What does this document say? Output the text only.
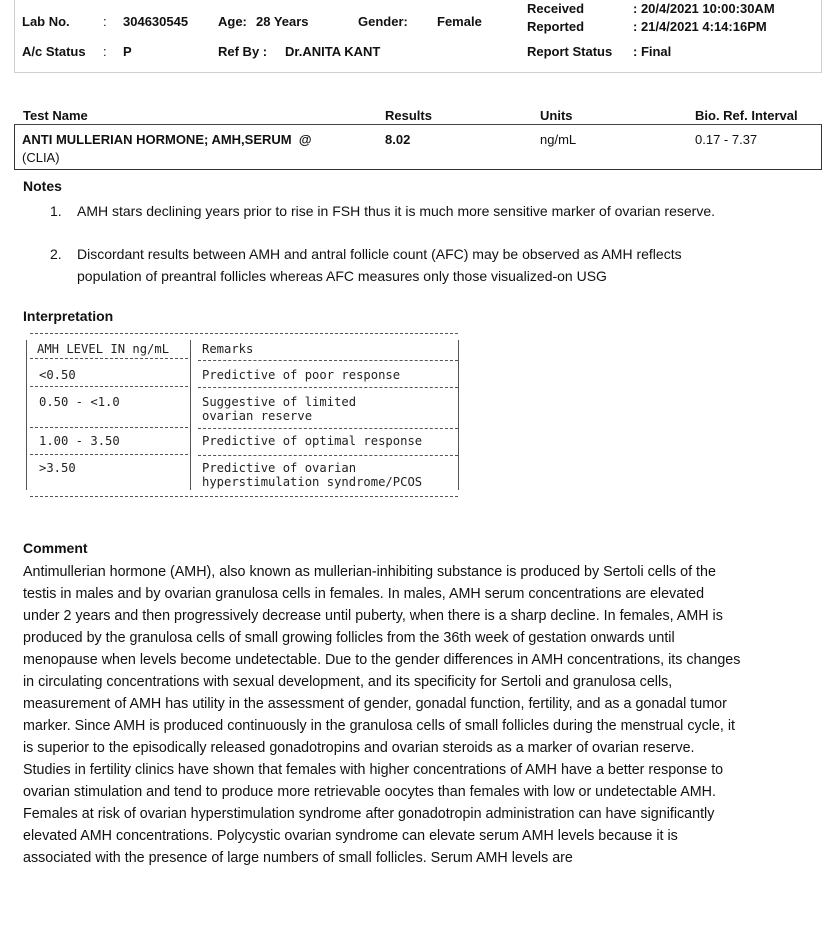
Lab No.	: 304630545 Age: 28 Years	Gender: Female
Received	: 20/4/2021 10:00:30AM
Reported	: 21/4/2021 4:14:16PM
A/c Status : P	Ref By : Dr.ANITA KANT	Report Status : Final
Test Name	Results	Units	Bio. Ref. Interval
ANTI MULLERIAN HORMONE; AMH,SERUM  @
(CLIA)
8.02	ng/mL	0.17 - 7.37
Notes
1. AMH stars declining years prior to rise in FSH thus it is much more sensitive marker of ovarian reserve.
2. Discordant results between AMH and antral follicle count (AFC) may be observed as AMH reflects population of preantral follicles whereas AFC measures only those visualized-on USG
Interpretation
AMH LEVEL IN ng/mL	Remarks
<0.50	Predictive of poor response
0.50 - <1.0	Suggestive of limited
ovarian reserve
1.00 - 3.50	Predictive of optimal response
>3.50	Predictive of ovarian
hyperstimulation syndrome/PCOS
Comment
Antimullerian hormone (AMH), also known as mullerian-inhibiting substance is produced by Sertoli cells of the testis in males and by ovarian granulosa cells in females. In males, AMH serum concentrations are elevated under 2 years and then progressively decrease until puberty, when there is a sharp decline. In females, AMH is produced by the granulosa cells of small growing follicles from the 36th week of gestation onwards until menopause when levels become undetectable. Due to the gender differences in AMH concentrations, its changes in circulating concentrations with sexual development, and its specificity for Sertoli and granulosa cells, measurement of AMH has utility in the assessment of gender, gonadal function, fertility, and as a gonadal tumor marker. Since AMH is produced continuously in the granulosa cells of small follicles during the menstrual cycle, it is superior to the episodically released gonadotropins and ovarian steroids as a marker of ovarian reserve. Studies in fertility clinics have shown that females with higher concentrations of AMH have a better response to ovarian stimulation and tend to produce more retrievable oocytes than females with low or undetectable AMH. Females at risk of ovarian hyperstimulation syndrome after gonadotropin administration can have significantly elevated AMH concentrations. Polycystic ovarian syndrome can elevate serum AMH levels because it is associated with the presence of large numbers of small follicles. Serum AMH levels are
